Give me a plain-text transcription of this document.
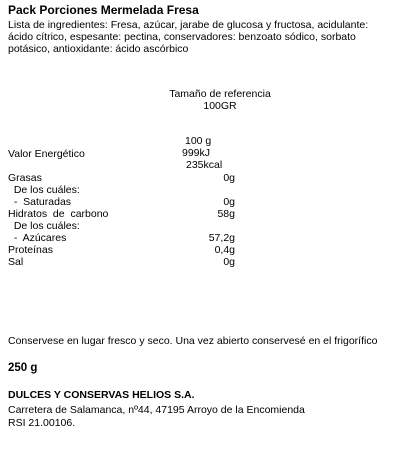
Pack Porciones Mermelada Fresa
Lista de ingredientes: Fresa, azúcar, jarabe de glucosa y fructosa, acidulante: ácido cítrico, espesante: pectina, conservadores: benzoato sódico, sorbato potásico, antioxidante: ácido ascórbico
Tamaño de referencia
100GR
100 g
Valor Energético	999kJ
235kcal
Grasas	0g
De los cuáles:
-  Saturadas	0g
Hidratos  de  carbono	58g
De los cuáles:
-  Azúcares	57,2g
Proteínas	0,4g
Sal	0g
Conservese en lugar fresco y seco. Una vez abierto conservesé en el frigorífico
250 g
DULCES Y CONSERVAS HELIOS S.A.
Carretera de Salamanca, nº44, 47195 Arroyo de la Encomienda
RSI 21.00106.
